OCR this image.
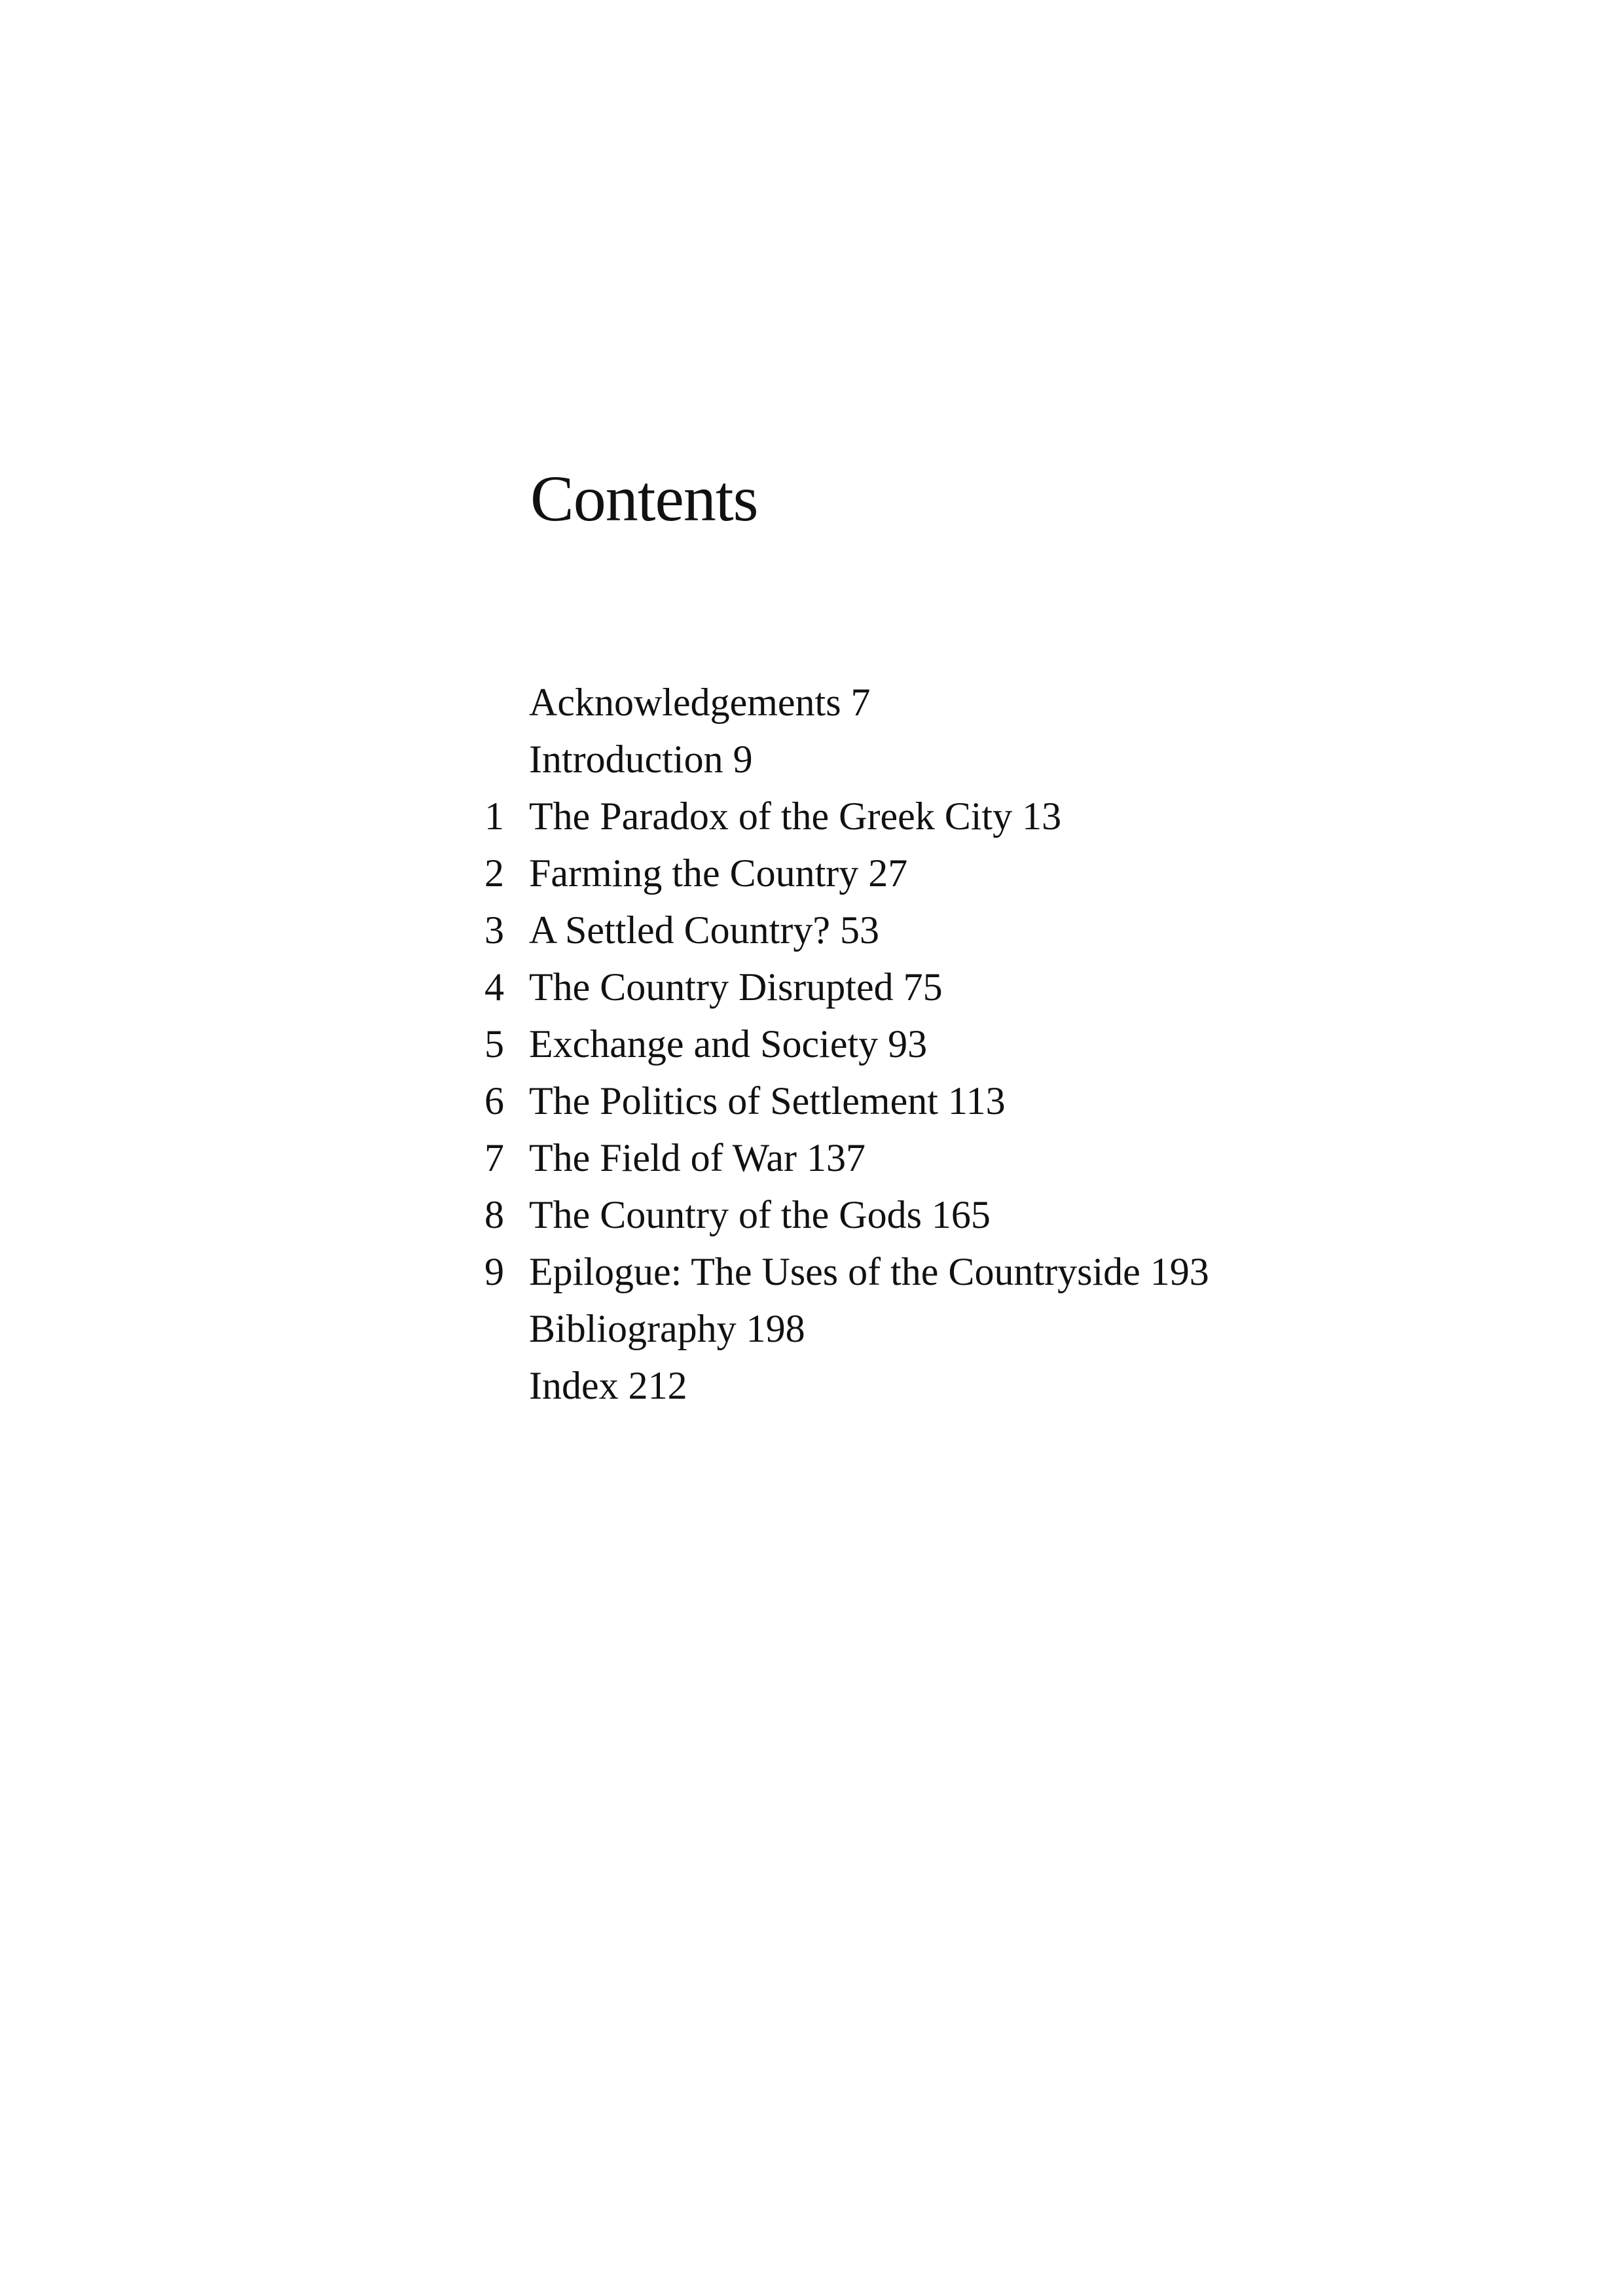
Contents
Acknowledgements 7
Introduction 9
1 The Paradox of the Greek City 13
2 Farming the Country 27
3 A Settled Country? 53
4 The Country Disrupted 75
5 Exchange and Society 93
6 The Politics of Settlement 113
7 The Field of War 137
8 The Country of the Gods 165
9 Epilogue: The Uses of the Countryside 193
Bibliography 198
Index 212
